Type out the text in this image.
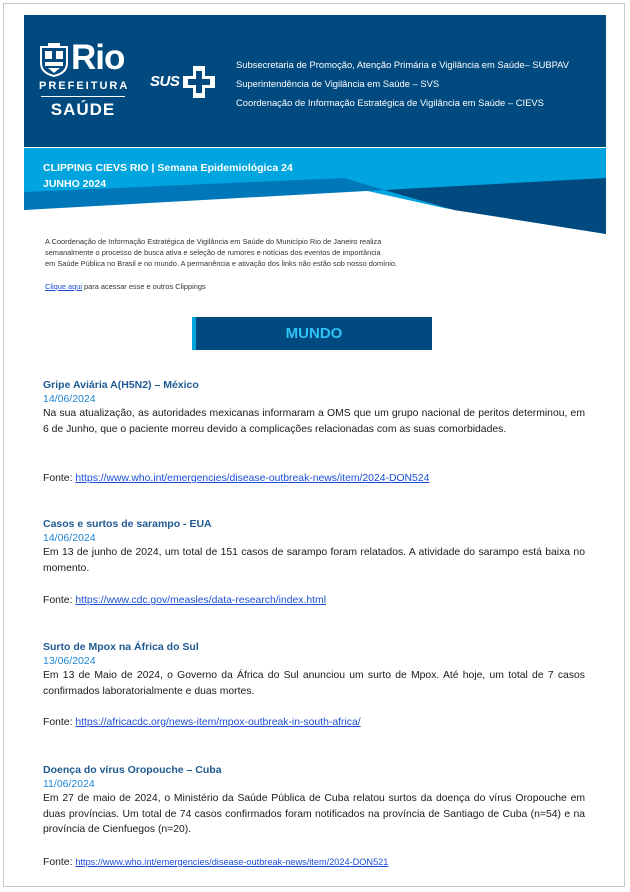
Rio
PREFEITURA
SAÚDE
SUS
Subsecretaria de Promoção, Atenção Primária e Vigilância em Saúde– SUBPAV
Superintendência de Vigilância em Saúde – SVS
Coordenação de Informação Estratégica de Vigilância em Saúde – CIEVS
CLIPPING CIEVS RIO | Semana Epidemiológica 24
JUNHO 2024
A Coordenação de Informação Estratégica de Vigilância em Saúde do Município Rio de Janeiro realiza
semanalmente o processo de busca ativa e seleção de rumores e notícias dos eventos de importância
em Saúde Pública no Brasil e no mundo. A permanência e ativação dos links não estão sob nosso domínio.
Clique aqui para acessar esse e outros Clippings
MUNDO
Gripe Aviária A(H5N2) – México
14/06/2024
Na sua atualização, as autoridades mexicanas informaram a OMS que um grupo nacional de peritos determinou, em 6 de Junho, que o paciente morreu devido a complicações relacionadas com as suas comorbidades.
Fonte: https://www.who.int/emergencies/disease-outbreak-news/item/2024-DON524
Casos e surtos de sarampo - EUA
14/06/2024
Em 13 de junho de 2024, um total de 151 casos de sarampo foram relatados. A atividade do sarampo está baixa no momento.
Fonte: https://www.cdc.gov/measles/data-research/index.html
Surto de Mpox na África do Sul
13/06/2024
Em 13 de Maio de 2024, o Governo da África do Sul anunciou um surto de Mpox. Até hoje, um total de 7 casos confirmados laboratorialmente e duas mortes.
Fonte: https://africacdc.org/news-item/mpox-outbreak-in-south-africa/
Doença do vírus Oropouche – Cuba
11/06/2024
Em 27 de maio de 2024, o Ministério da Saúde Pública de Cuba relatou surtos da doença do vírus Oropouche em duas províncias. Um total de 74 casos confirmados foram notificados na província de Santiago de Cuba (n=54) e na província de Cienfuegos (n=20).
Fonte: https://www.who.int/emergencies/disease-outbreak-news/item/2024-DON521
